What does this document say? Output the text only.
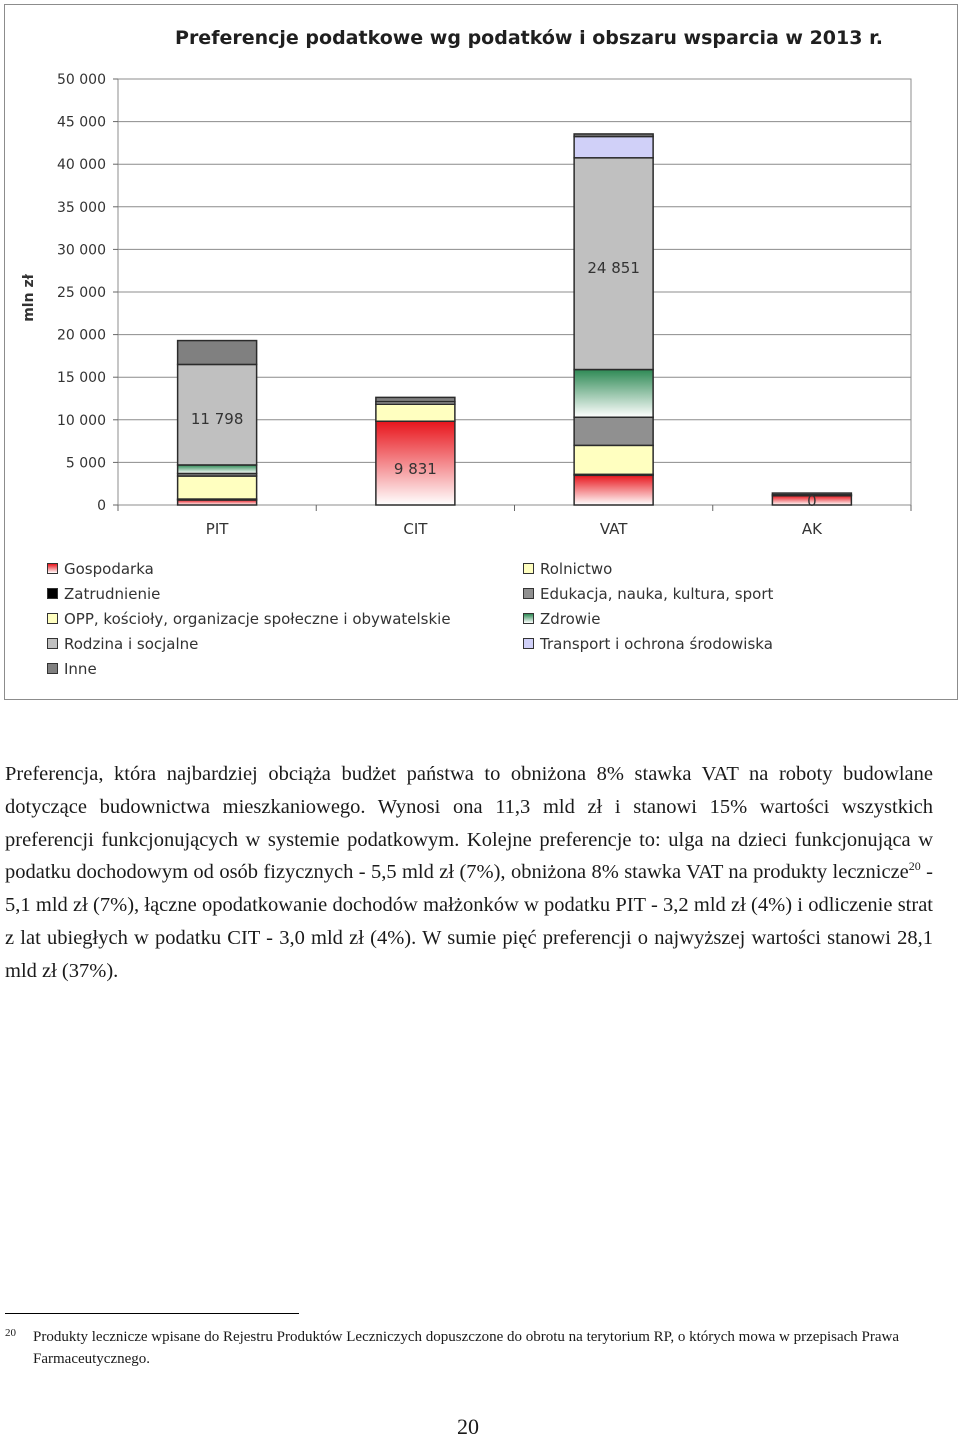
0
5 000
10 000
15 000
20 000
25 000
30 000
35 000
40 000
45 000
50 000
PIT	CIT	VAT	AK
11 798
9 831
24 851
0
mln zł
Preferencje podatkowe wg podatków i obszaru wsparcia w 2013 r.
Gospodarka
Zatrudnienie
OPP, kościoły, organizacje społeczne i obywatelskie
Rodzina i socjalne
Inne
Rolnictwo
Edukacja, nauka, kultura, sport
Zdrowie
Transport i ochrona środowiska
Preferencja, która najbardziej obciąża budżet państwa to obniżona 8% stawka VAT na roboty budowlane dotyczące budownictwa mieszkaniowego. Wynosi ona 11,3 mld zł i stanowi 15% wartości wszystkich preferencji funkcjonujących w systemie podatkowym. Kolejne preferencje to: ulga na dzieci funkcjonująca w podatku dochodowym od osób fizycznych - 5,5 mld zł (7%), obniżona 8% stawka VAT na produkty lecznicze$^{20}$ - 5,1 mld zł (7%), łączne opodatkowanie dochodów małżonków w podatku PIT - 3,2 mld zł (4%) i odliczenie strat z lat ubiegłych w podatku CIT - 3,0 mld zł (4%). W sumie pięć preferencji o najwyższej wartości stanowi 28,1 mld zł (37%).
20 Produkty lecznicze wpisane do Rejestru Produktów Leczniczych dopuszczone do obrotu na terytorium RP, o których mowa w przepisach Prawa Farmaceutycznego.
20
